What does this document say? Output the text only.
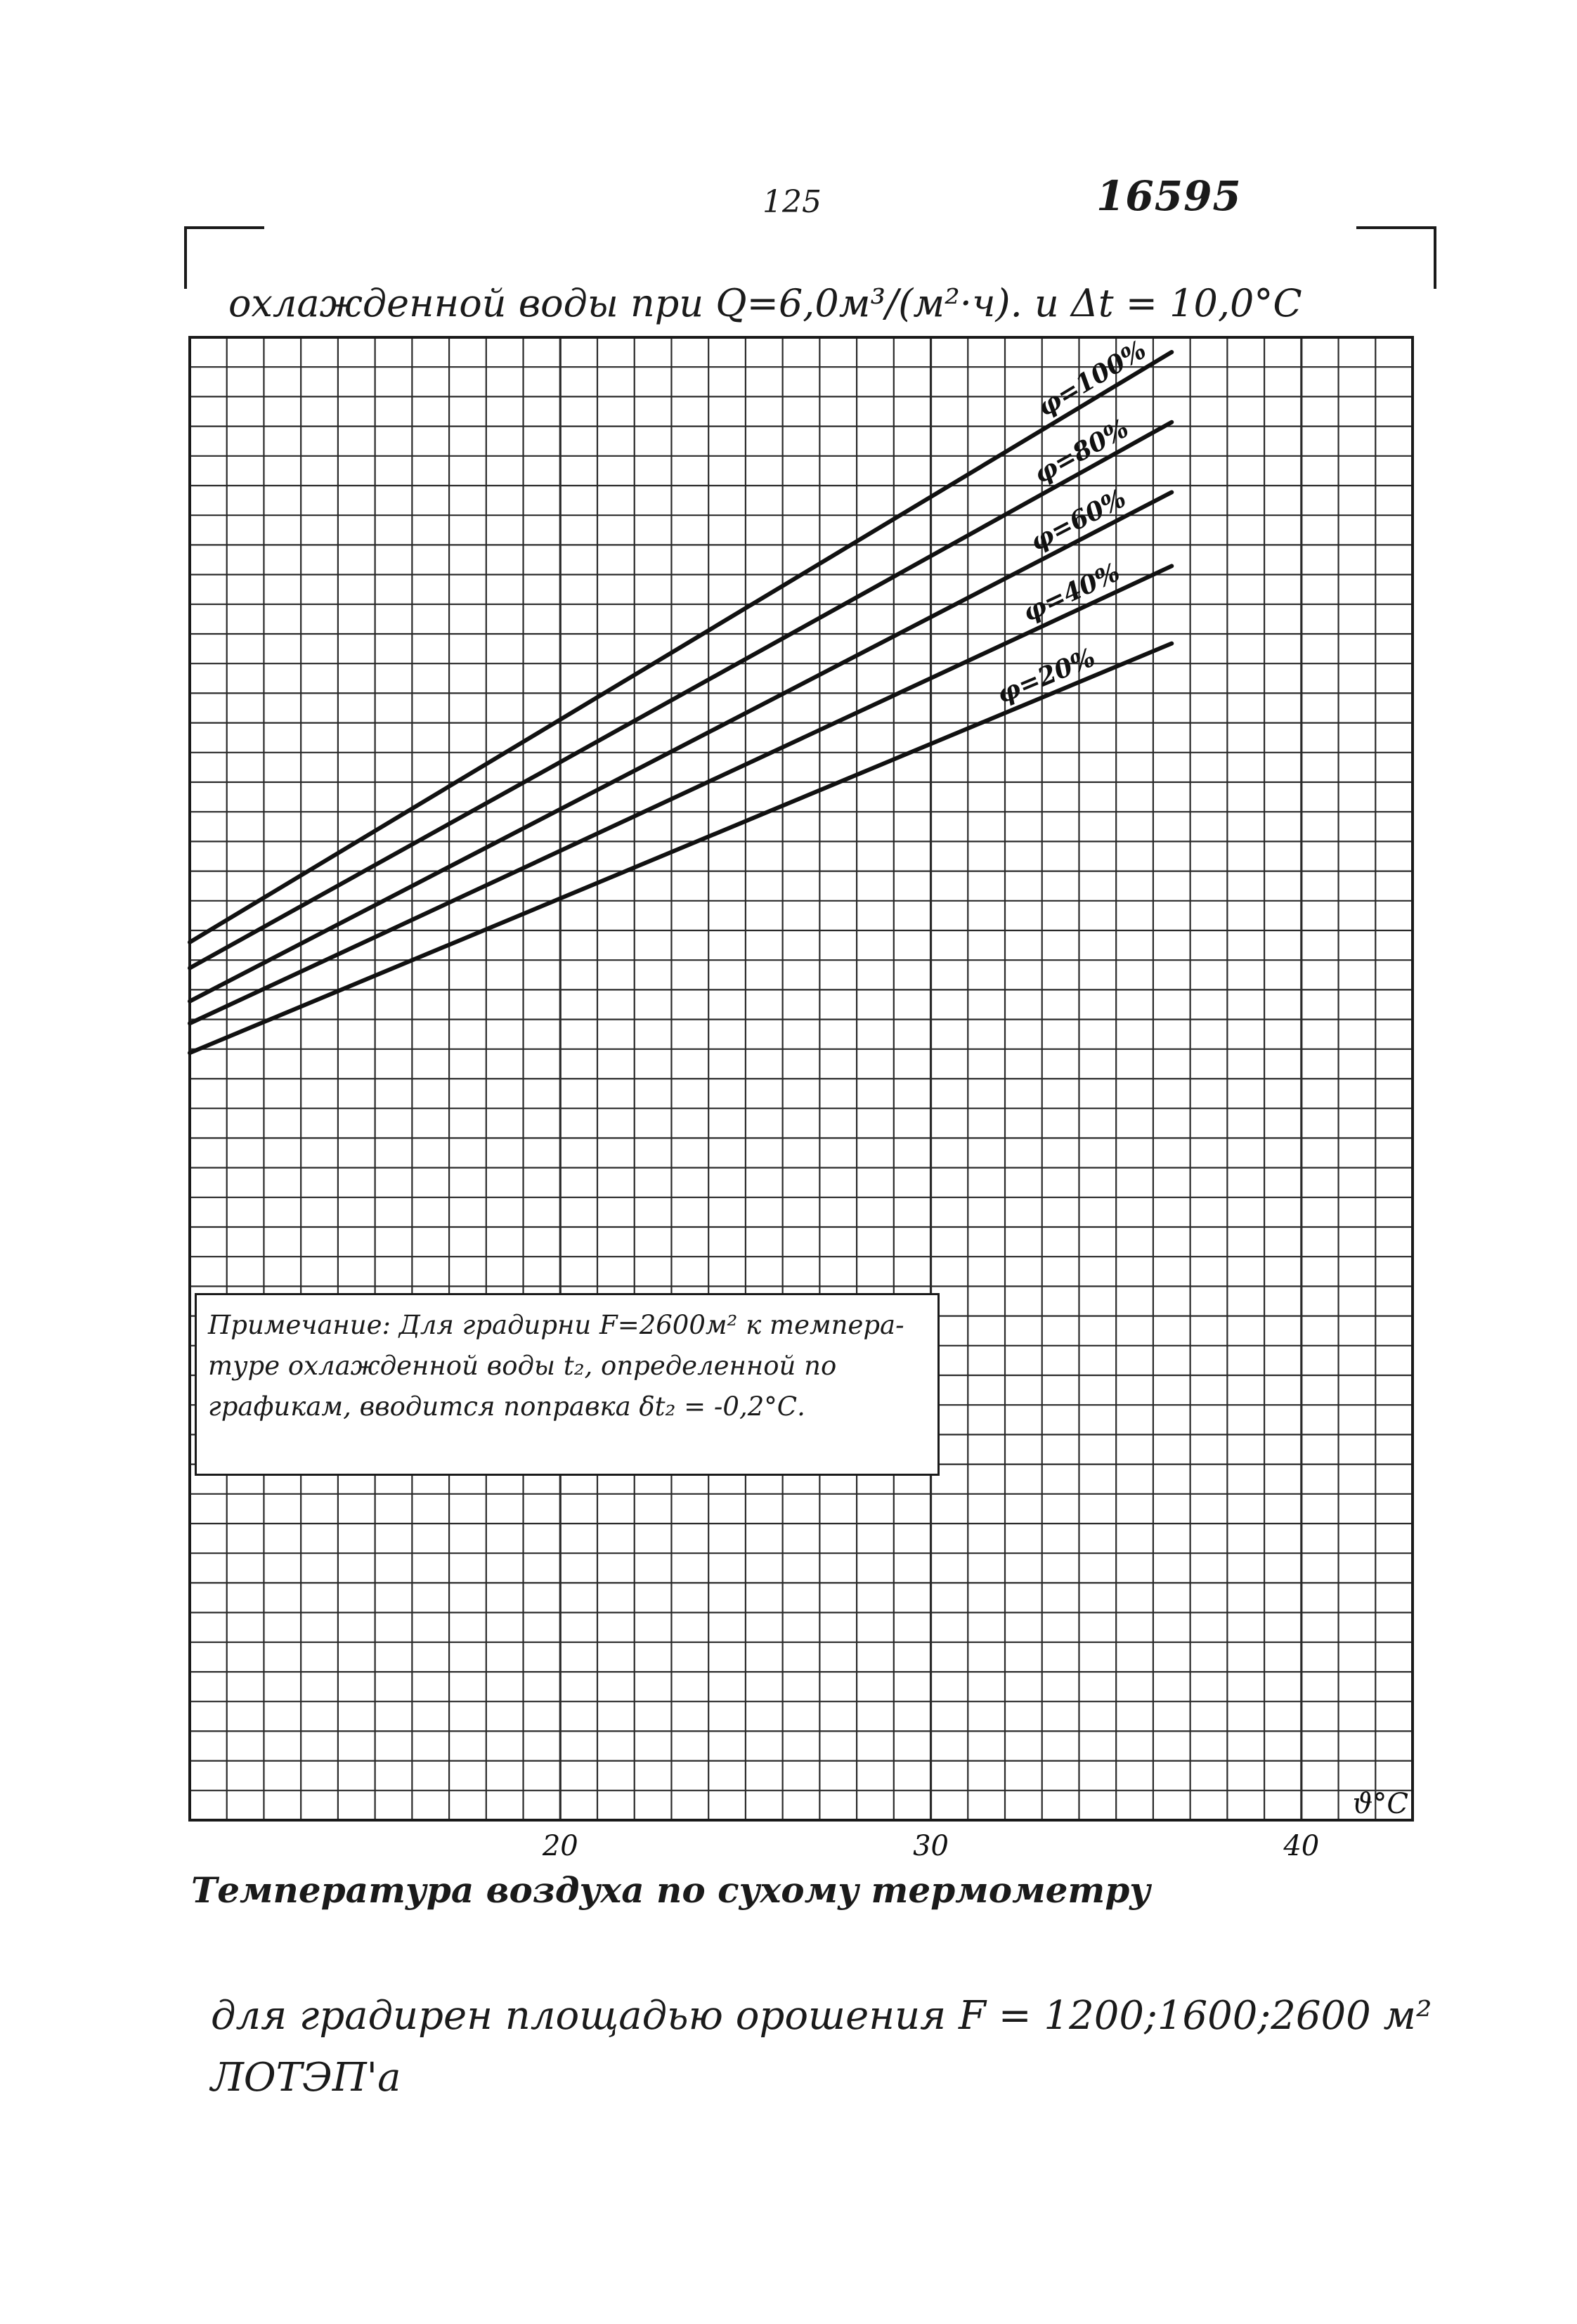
125	16595
охлажденной воды при Q=6,0м³/(м²·ч). и Δt = 10,0°С
φ=100%
φ=80%
φ=60%
φ=40%
φ=20%
20	30	40
ϑ°С
Примечание: Для градирни F=2600м² к темпера-
туре охлажденной воды t₂, определенной по
графикам, вводится поправка δt₂ = -0,2°С.
Температура воздуха по сухому термометру
для градирен площадью орошения F = 1200;1600;2600 м²
ЛОТЭП'а
